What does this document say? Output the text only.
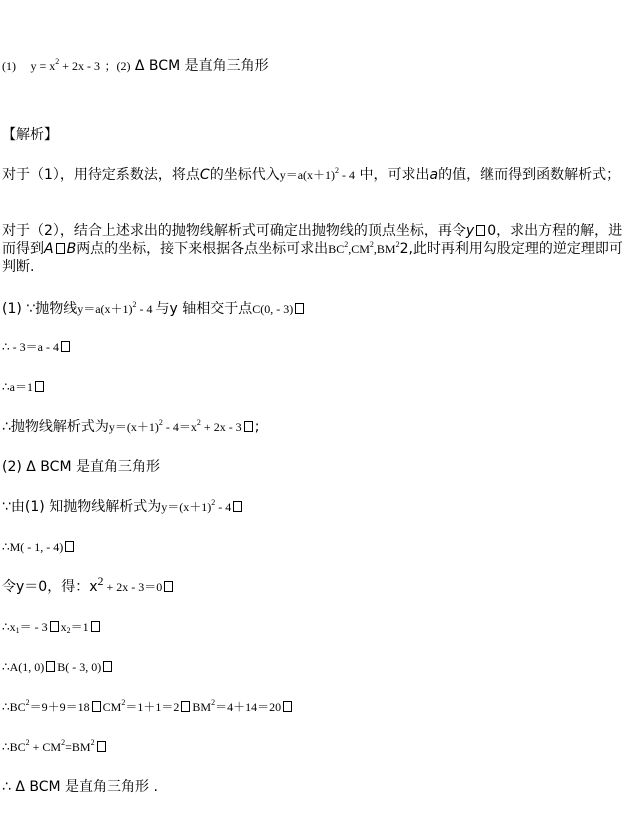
(1) $y = x^2 + 2x - 3$ ；(2) Δ BCM 是直角三角形
【解析】
对于（1），用待定系数法，将点C的坐标代入$y=a(x+1)^2 - 4$ 中，可求出a的值，继而得到函数解析式；
对于（2），结合上述求出的抛物线解析式可确定出抛物线的顶点坐标，再令y 0，求出方程的解，进而得到A B两点的坐标，接下来根据各点坐标可求出$BC^2,CM^2,BM^22$,此时再利用勾股定理的逆定理即可判断.
(1) ∵抛物线$y=a(x+1)^2 - 4$ 与y 轴相交于点C(0, - 3)
∴ - 3＝a - 4
∴a＝1
∴抛物线解析式为$y=(x+1)^2 - 4=x^2 + 2x - 3$ ;
(2) Δ BCM 是直角三角形
∵由(1) 知抛物线解析式为$y=(x+1)^2 - 4$
∴M( - 1, - 4)
令y＝0，得：$x^2 + 2x - 3=0$
$\therefore x_1= - 3$ $x_2=1$
∴A(1, 0) B( - 3, 0)
$\therefore BC^2=9+9=18$ $CM^2=1+1=2$ $BM^2=4+14=20$
$\therefore BC^2 + CM^2=BM^2$
∴ Δ BCM 是直角三角形 .
